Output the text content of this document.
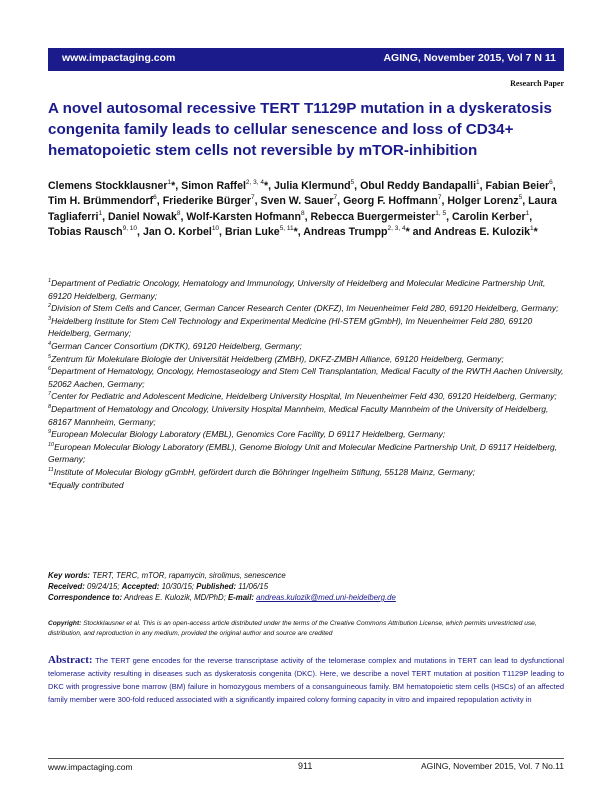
www.impactaging.com	AGING, November 2015, Vol 7 N 11
Research Paper
A novel autosomal recessive TERT T1129P mutation in a dyskeratosis congenita family leads to cellular senescence and loss of CD34+ hematopoietic stem cells not reversible by mTOR-inhibition

Clemens Stockklausner$^1$*, Simon Raffel$^{2, 3, 4}$*, Julia Klermund$^5$, Obul Reddy Bandapalli$^1$, Fabian Beier$^6$, Tim H. Brümmendorf$^6$, Friederike Bürger$^7$, Sven W. Sauer$^7$, Georg F. Hoffmann$^7$, Holger Lorenz$^5$, Laura Tagliaferri$^1$, Daniel Nowak$^8$, Wolf-Karsten Hofmann$^8$, Rebecca Buergermeister$^{1, 5}$, Carolin Kerber$^1$, Tobias Rausch$^{9, 10}$, Jan O. Korbel$^{10}$, Brian Luke$^{5, 11}$*, Andreas Trumpp$^{2, 3, 4}$* and Andreas E. Kulozik$^1$*

$^1$Department of Pediatric Oncology, Hematology and Immunology, University of Heidelberg and Molecular Medicine Partnership Unit, 69120 Heidelberg, Germany;
$^2$Division of Stem Cells and Cancer, German Cancer Research Center (DKFZ), Im Neuenheimer Feld 280, 69120 Heidelberg, Germany;
$^3$Heidelberg Institute for Stem Cell Technology and Experimental Medicine (HI-STEM gGmbH), Im Neuenheimer Feld 280, 69120 Heidelberg, Germany;
$^4$German Cancer Consortium (DKTK), 69120 Heidelberg, Germany;
$^5$Zentrum für Molekulare Biologie der Universität Heidelberg (ZMBH), DKFZ-ZMBH Alliance, 69120 Heidelberg, Germany;
$^6$Department of Hematology, Oncology, Hemostaseology and Stem Cell Transplantation, Medical Faculty of the RWTH Aachen University, 52062 Aachen, Germany;
$^7$Center for Pediatric and Adolescent Medicine, Heidelberg University Hospital, Im Neuenheimer Feld 430, 69120 Heidelberg, Germany;
$^8$Department of Hematology and Oncology, University Hospital Mannheim, Medical Faculty Mannheim of the University of Heidelberg, 68167 Mannheim, Germany;
$^9$European Molecular Biology Laboratory (EMBL), Genomics Core Facility, D 69117 Heidelberg, Germany;
$^{10}$European Molecular Biology Laboratory (EMBL), Genome Biology Unit and Molecular Medicine Partnership Unit, D 69117 Heidelberg, Germany;
$^{11}$Institute of Molecular Biology gGmbH, gefördert durch die Böhringer Ingelheim Stiftung, 55128 Mainz, Germany;
*Equally contributed
Key words: TERT, TERC, mTOR, rapamycin, sirolimus, senescence
Received: 09/24/15; Accepted: 10/30/15; Published: 11/06/15
Correspondence to: Andreas E. Kulozik, MD/PhD; E-mail: andreas.kulozik@med.uni-heidelberg.de
Copyright: Stockklausner et al. This is an open-access article distributed under the terms of the Creative Commons Attribution License, which permits unrestricted use, distribution, and reproduction in any medium, provided the original author and source are credited

Abstract: The TERT gene encodes for the reverse transcriptase activity of the telomerase complex and mutations in TERT can lead to dysfunctional telomerase activity resulting in diseases such as dyskeratosis congenita (DKC). Here, we describe a novel TERT mutation at position T1129P leading to DKC with progressive bone marrow (BM) failure in homozygous members of a consanguineous family. BM hematopoietic stem cells (HSCs) of an affected family member were 300-fold reduced associated with a significantly impaired colony forming capacity in vitro and impaired repopulation activity in

www.impactaging.com	911	AGING, November 2015, Vol. 7 No.11
